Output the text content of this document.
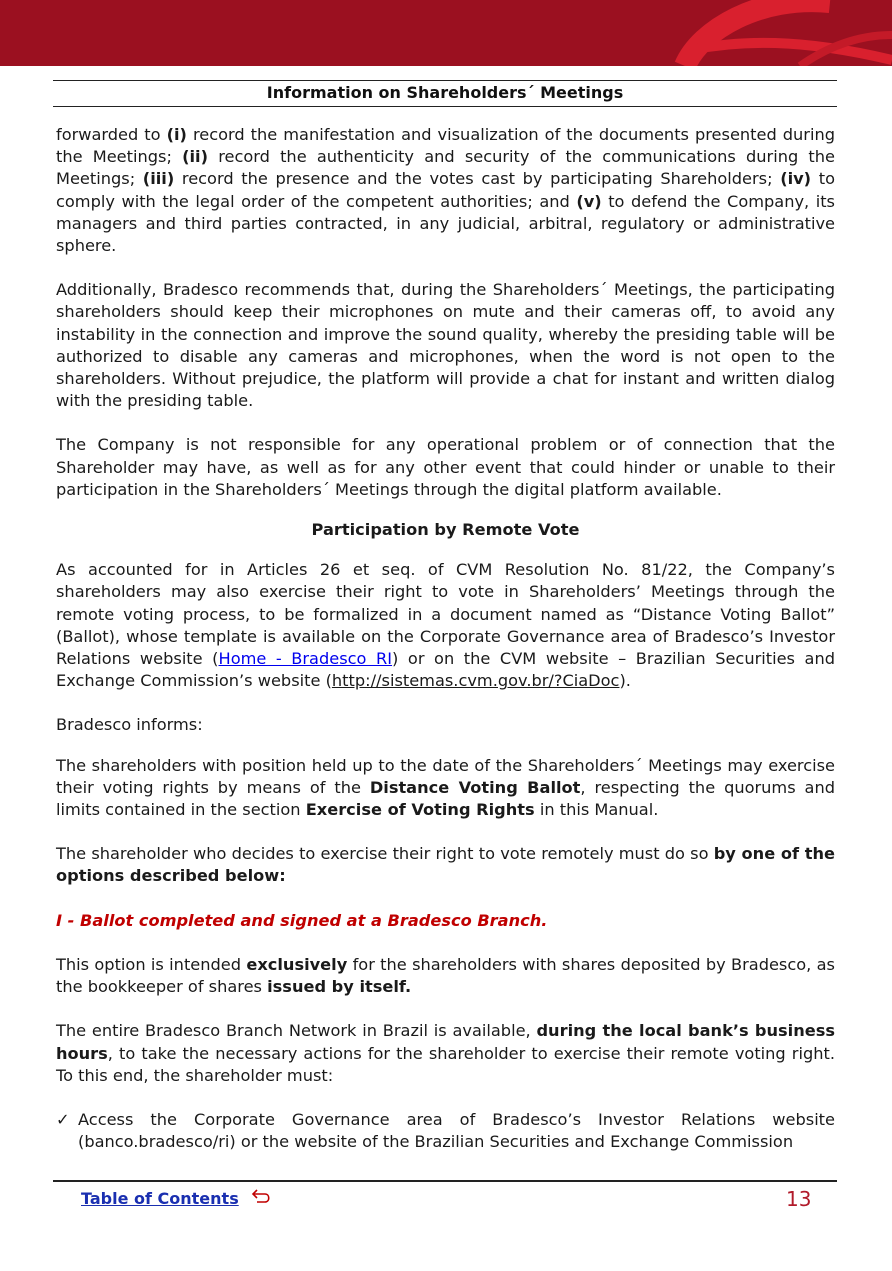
Information on Shareholders´ Meetings

forwarded to (i) record the manifestation and visualization of the documents presented during the Meetings; (ii) record the authenticity and security of the communications during the Meetings; (iii) record the presence and the votes cast by participating Shareholders; (iv) to comply with the legal order of the competent authorities; and (v) to defend the Company, its managers and third parties contracted, in any judicial, arbitral, regulatory or administrative sphere.

Additionally, Bradesco recommends that, during the Shareholders´ Meetings, the participating shareholders should keep their microphones on mute and their cameras off, to avoid any instability in the connection and improve the sound quality, whereby the presiding table will be authorized to disable any cameras and microphones, when the word is not open to the shareholders. Without prejudice, the platform will provide a chat for instant and written dialog with the presiding table.

The Company is not responsible for any operational problem or of connection that the Shareholder may have, as well as for any other event that could hinder or unable to their participation in the Shareholders´ Meetings through the digital platform available.

Participation by Remote Vote

As accounted for in Articles 26 et seq. of CVM Resolution No. 81/22, the Company’s shareholders may also exercise their right to vote in Shareholders’ Meetings through the remote voting process, to be formalized in a document named as “Distance Voting Ballot” (Ballot), whose template is available on the Corporate Governance area of Bradesco’s Investor Relations website (Home - Bradesco RI) or on the CVM website – Brazilian Securities and Exchange Commission’s website (http://sistemas.cvm.gov.br/?CiaDoc).

Bradesco informs:

The shareholders with position held up to the date of the Shareholders´ Meetings may exercise their voting rights by means of the Distance Voting Ballot, respecting the quorums and limits contained in the section Exercise of Voting Rights in this Manual.

The shareholder who decides to exercise their right to vote remotely must do so by one of the options described below:

I - Ballot completed and signed at a Bradesco Branch.

This option is intended exclusively for the shareholders with shares deposited by Bradesco, as the bookkeeper of shares issued by itself.

The entire Bradesco Branch Network in Brazil is available, during the local bank’s business hours, to take the necessary actions for the shareholder to exercise their remote voting right. To this end, the shareholder must:

✓ Access the Corporate Governance area of Bradesco’s Investor Relations website (banco.bradesco/ri) or the website of the Brazilian Securities and Exchange Commission

Table of Contents	13
